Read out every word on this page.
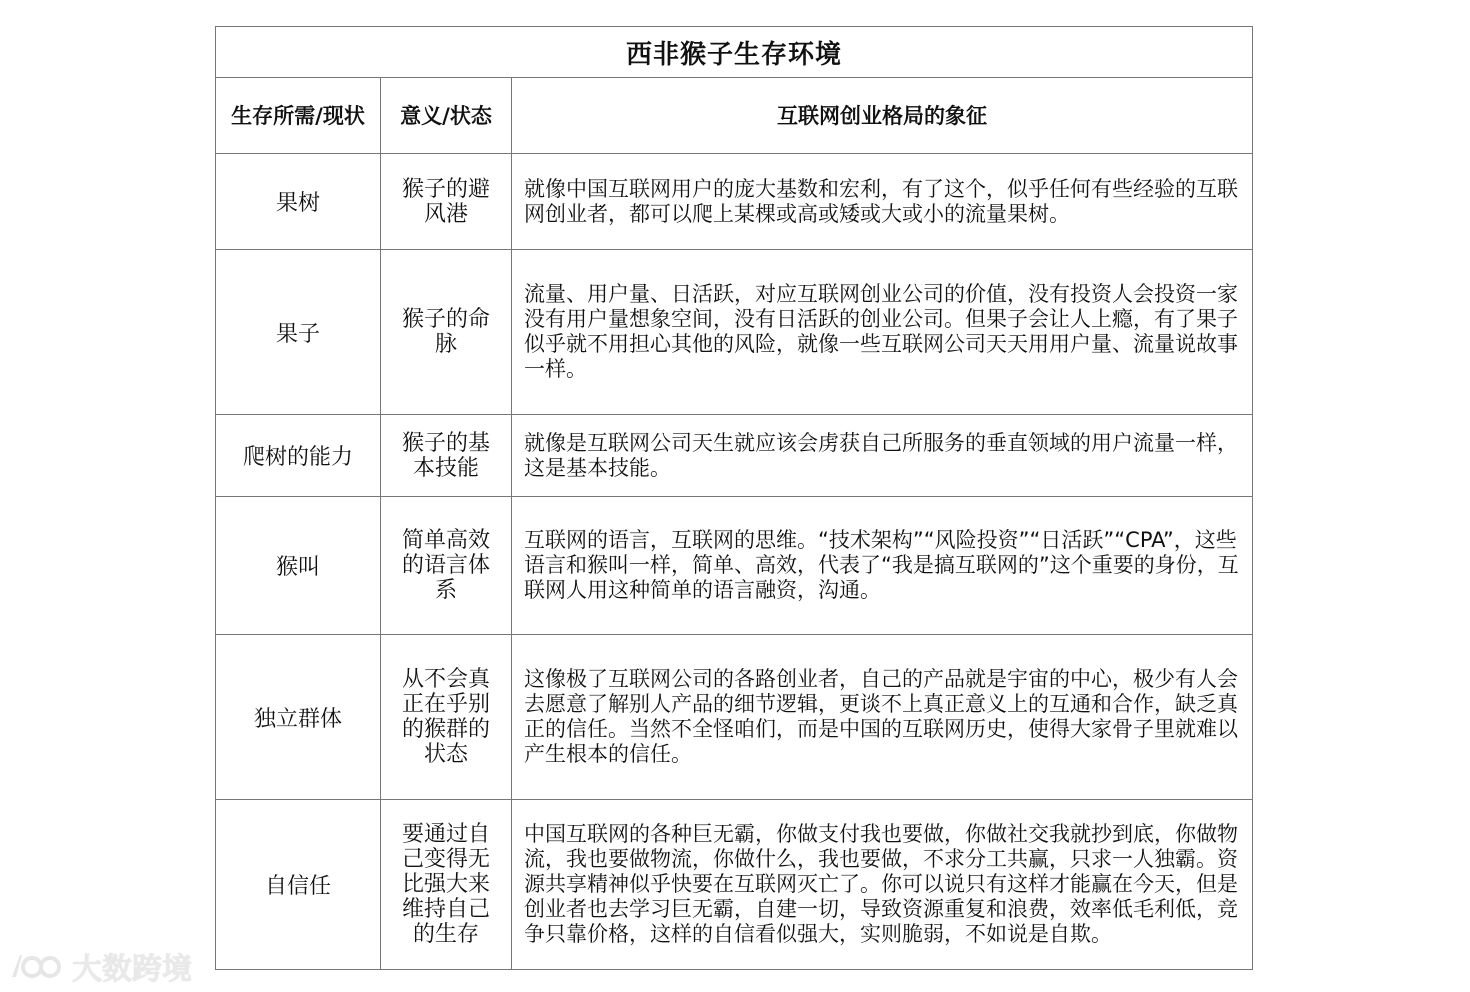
西非猴子生存环境		
生存所需/现状	意义/状态	互联网创业格局的象征
果树	猴子的避风港	就像中国互联网用户的庞大基数和宏利，有了这个，似乎任何有些经验的互联网创业者，都可以爬上某棵或高或矮或大或小的流量果树。
果子	猴子的命脉	流量、用户量、日活跃，对应互联网创业公司的价值，没有投资人会投资一家没有用户量想象空间，没有日活跃的创业公司。但果子会让人上瘾，有了果子似乎就不用担心其他的风险，就像一些互联网公司天天用用户量、流量说故事一样。
爬树的能力	猴子的基本技能	就像是互联网公司天生就应该会虏获自己所服务的垂直领域的用户流量一样，这是基本技能。
猴叫	简单高效的语言体系	互联网的语言，互联网的思维。“技术架构”“风险投资”“日活跃”“CPA”，这些语言和猴叫一样，简单、高效，代表了“我是搞互联网的”这个重要的身份，互联网人用这种简单的语言融资，沟通。
独立群体	从不会真正在乎别的猴群的状态	这像极了互联网公司的各路创业者，自己的产品就是宇宙的中心，极少有人会去愿意了解别人产品的细节逻辑，更谈不上真正意义上的互通和合作，缺乏真正的信任。当然不全怪咱们，而是中国的互联网历史，使得大家骨子里就难以产生根本的信任。
自信任	要通过自己变得无比强大来维持自己的生存	中国互联网的各种巨无霸，你做支付我也要做，你做社交我就抄到底，你做物流，我也要做物流，你做什么，我也要做，不求分工共赢，只求一人独霸。资源共享精神似乎快要在互联网灭亡了。你可以说只有这样才能赢在今天，但是创业者也去学习巨无霸，自建一切，导致资源重复和浪费，效率低毛利低，竞争只靠价格，这样的自信看似强大，实则脆弱，不如说是自欺。
大数跨境
